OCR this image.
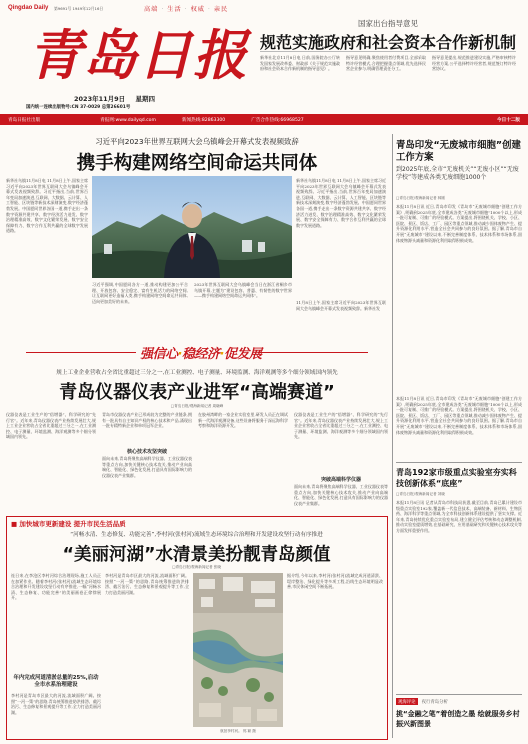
Qingdao Daily 第9691号 1949年12月16日	高端 · 生活 · 权威 · 亲民
青 岛 日 报
2023年11月9日 星期四
国内统一连续出版物号:CN 37-0029 总第26601号
青岛日报社出版	青报网:www.dailyqd.com	新闻热线:82863300	广告合作热线:66968527	今日十二版
国家出台指导意见
规范实施政府和社会资本合作新机制
新华社北京11月8日电 日前,国务院办公厅转发国家发展改革委、财政部《关于规范实施政府和社会资本合作新机制的指导意见》。
指导意见明确,聚焦使用者付费项目,全部采取特许经营模式,合理把握重点领域,优先选择民营企业参与,明确管理责任分工。
指导意见提出,规范推进建设实施,严格审核特许经营方案,公平选择特许经营者,规范签订特许经营协议。
习近平向2023年世界互联网大会乌镇峰会开幕式发表视频致辞
携手构建网络空间命运共同体
新华社乌镇11月8日电 11月8日上午,国家主席习近平向2023年世界互联网大会乌镇峰会开幕式发表视频致辞。习近平指出,当前,世界百年变局加速演进,互联网、大数据、云计算、人工智能、区块链等新技术深刻演变,数字经济蓬勃发展。中国愿同世界各国一道,携手走出一条数字资源共建共享、数字经济活力迸发、数字治理精准高效、数字文化繁荣发展、数字安全保障有力、数字合作互利共赢的全球数字发展道路。
习近平强调,中国愿同各方一道,推动构建更加公平合理、开放包容、安全稳定、富有生机活力的网络空间,让互联网更好造福人类,携手构建网络空间命运共同体,迈向更加美好的未来。
2023年世界互联网大会乌镇峰会当日在浙江省桐乡市乌镇开幕,主题为“建设包容、普惠、有韧性的数字世界——携手构建网络空间命运共同体”。
11月8日上午,国家主席习近平向2023年世界互联网大会乌镇峰会开幕式发表视频致辞。新华社发
新华社乌镇11月8日电 11月8日上午,国家主席习近平向2023年世界互联网大会乌镇峰会开幕式发表视频致辞。习近平指出,当前,世界百年变局加速演进,互联网、大数据、云计算、人工智能、区块链等新技术深刻演变,数字经济蓬勃发展。中国愿同世界各国一道,携手走出一条数字资源共建共享、数字经济活力迸发、数字治理精准高效、数字文化繁荣发展、数字安全保障有力、数字合作互利共赢的全球数字发展道路。
强信心·稳经济·促发展
规上工业企业营收占全省比重超过三分之一,在工业测控、电子测量、环境监测、海洋观测等多个细分领域国内领先
青岛仪器仪表产业进军“高端赛道”
□青岛日报/观海新闻记者 周晓峰
仪器仪表是工业生产的“倍增器”、科学研究的“先行官”。近年来,青岛仪器仪表产业持续发展壮大,规上工业企业营收占全省比重超过三分之一,在工业测控、电子测量、环境监测、海洋观测等多个细分领域国内领先。
青岛市仪器仪表产业已形成较为完整的产业链条,拥有一批具有自主知识产权的核心技术和产品,涌现出一批专精特新企业和单项冠军企业。
核心技术攻坚突破
面向未来,青岛将聚焦高端科学仪器、工业仪器仪表等重点方向,加快关键核心技术攻关,推动产业向高端化、智能化、绿色化发展,打造具有国际影响力的仪器仪表产业集群。
在胶州湾畔的一家企业实验室里,研发人员正在调试新一代海洋观测设备,这些设备将服务于深远海科学考察和海洋资源开发。
仪器仪表是工业生产的“倍增器”、科学研究的“先行官”。近年来,青岛仪器仪表产业持续发展壮大,规上工业企业营收占全省比重超过三分之一,在工业测控、电子测量、环境监测、海洋观测等多个细分领域国内领先。
突破高端科学仪器
面向未来,青岛将聚焦高端科学仪器、工业仪器仪表等重点方向,加快关键核心技术攻关,推动产业向高端化、智能化、绿色化发展,打造具有国际影响力的仪器仪表产业集群。
■ 加快城市更新建设 提升市民生活品质
“河畅水清、生态修复、功能完善”,李村河(张村河)流域生态环境综合治理和开发建设攻坚行动有序推进
“美丽河湖”水清景美扮靓青岛颜值
□青岛日报/观海新闻记者 张晓
连日来,在李沧区李村河综合治理现场,施工人员正在加紧作业。随着李村河(张村河)流域生态环境综合治理和开发建设攻坚行动有序推进,一幅“河畅水清、生态修复、功能完善”的美丽画卷正徐徐展开。
年内完成河道清淤总量的25%,启动全市水系治理建设
李村河是青岛市区最大的河流,流域面积广阔。按照“一河一策”的思路,青岛统筹推进防洪排涝、截污治污、生态修复和景观提升等工作,全力打造美丽河湖。
李村河是青岛市区最大的河流,流域面积广阔。按照“一河一策”的思路,青岛统筹推进防洪排涝、截污治污、生态修复和景观提升等工作,全力打造美丽河湖。
航拍李村河。 郭 颖 摄
据介绍,今年以来,李村河(张村河)流域完成河道清淤、堤岸整治、绿化提升等多项工程,沿线生态环境明显改善,市民休闲空间不断拓展。
青岛印发“无废城市细胞”创建工作方案
到2025年底,全市“无废机关”“无废小区”“无废学校”等建成各类无废细胞1000个
□青岛日报/观海新闻记者 林刚
本报11月8日讯 近日,青岛市印发《青岛市“无废城市细胞”创建工作方案》,明确到2025年底,全市建成各类“无废城市细胞”1000个以上,形成一批可复制、可推广的经验模式。方案提出,将围绕机关、学校、小区、医院、景区、饭店、工厂、园区等重点领域,推动减少固体废物产生、提升资源化利用水平,营造全社会共同参与的良好氛围。据了解,青岛市自开展“无废城市”建设以来,不断完善制度体系、技术体系和市场体系,固体废物源头减量和资源化利用取得积极成效。
本报11月8日讯 近日,青岛市印发《青岛市“无废城市细胞”创建工作方案》,明确到2025年底,全市建成各类“无废城市细胞”1000个以上,形成一批可复制、可推广的经验模式。方案提出,将围绕机关、学校、小区、医院、景区、饭店、工厂、园区等重点领域,推动减少固体废物产生、提升资源化利用水平,营造全社会共同参与的良好氛围。据了解,青岛市自开展“无废城市”建设以来,不断完善制度体系、技术体系和市场体系,固体废物源头减量和资源化利用取得积极成效。
青岛192家市级重点实验室夯实科技创新体系“底座”
□青岛日报/观海新闻记者 刘晓
本报11月8日讯 记者从青岛市科技局获悉,截至目前,青岛已累计建设市级重点实验室192家,覆盖新一代信息技术、高端装备、新材料、生物医药、海洋科学等重点领域,为全市科技创新体系建设提供了坚实支撑。近年来,青岛持续优化重点实验室布局,建立健全评估考核和动态调整机制,推动实验室提质增效,在基础研究、应用基础研究和关键核心技术攻关等方面发挥重要作用。
观海评论	夜行青岛分析
挑“金融之笔”着创造之墨 绘就服务乡村振兴新图景
